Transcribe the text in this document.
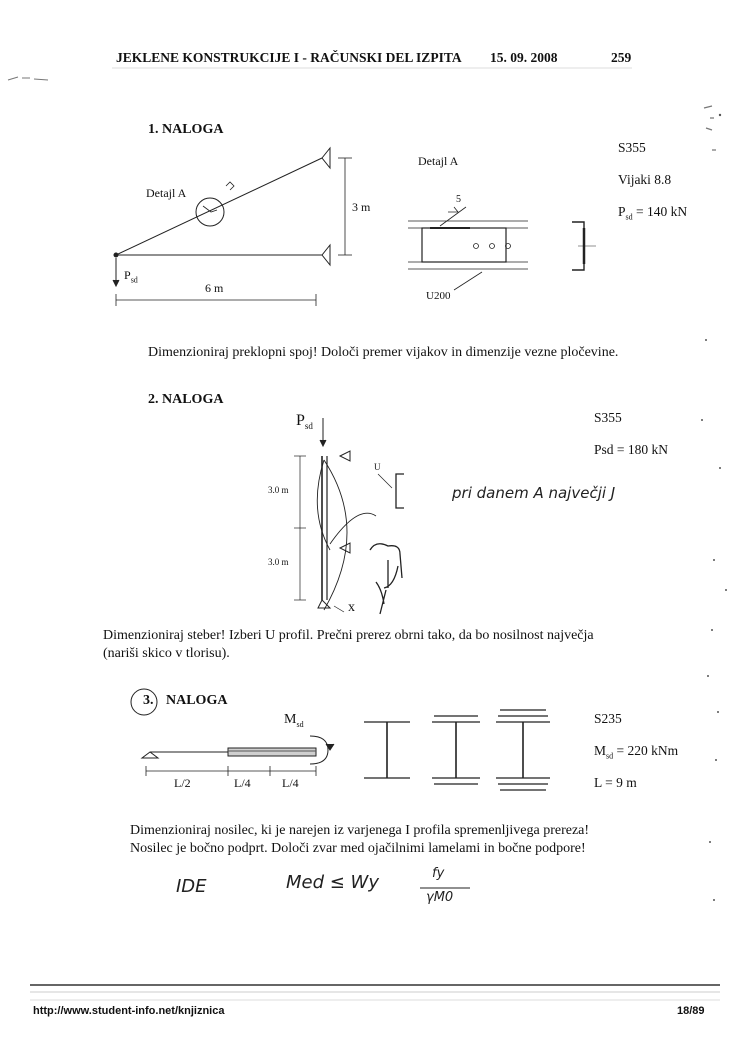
JEKLENE KONSTRUKCIJE I - RAČUNSKI DEL IZPITA 15. 09. 2008	259
1. NALOGA
Detajl A
Detajl A
3 m
$P_{sd}$
6 m
5
U200
S355
Vijaki 8.8
$P_{sd} = 140$ kN
Dimenzioniraj preklopni spoj! Določi premer vijakov in dimenzije vezne pločevine.
2. NALOGA
$P_{sd}$
3.0 m
3.0 m
U
x
S355
Psd = 180 kN
pri danem A največji J
Dimenzioniraj steber! Izberi U profil. Prečni prerez obrni tako, da bo nosilnost največja
(nariši skico v tlorisu).
3. NALOGA
$M_{sd}$
L/2	L/4	L/4
S235
$M_{sd} = 220$ kNm
L = 9 m
Dimenzioniraj nosilec, ki je narejen iz varjenega I profila spremenljivega prereza!
Nosilec je bočno podprt. Določi zvar med ojačilnimi lamelami in bočne podpore!
IDE	Med ≤ Wy	fy
γM0
http://www.student-info.net/knjiznica	18/89
